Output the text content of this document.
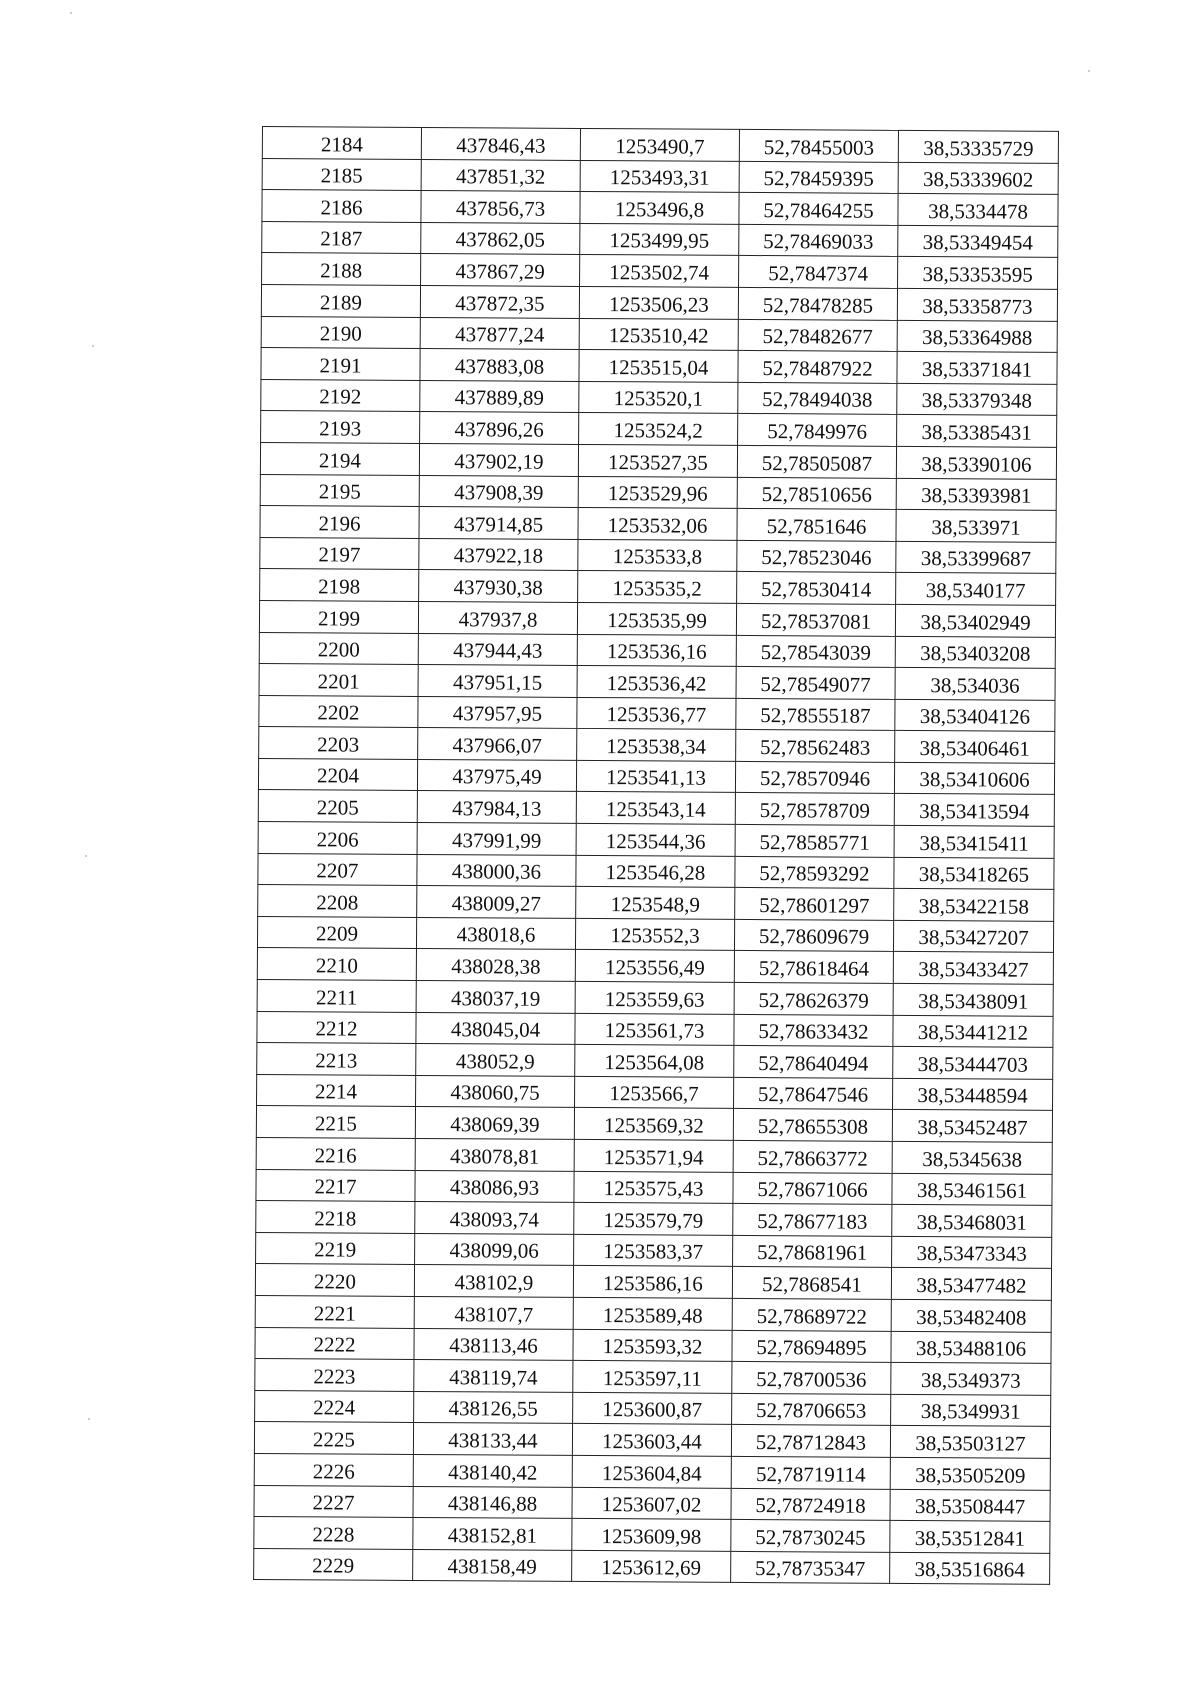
2184	437846,43	1253490,7	52,78455003	38,53335729
2185	437851,32	1253493,31	52,78459395	38,53339602
2186	437856,73	1253496,8	52,78464255	38,5334478
2187	437862,05	1253499,95	52,78469033	38,53349454
2188	437867,29	1253502,74	52,7847374	38,53353595
2189	437872,35	1253506,23	52,78478285	38,53358773
2190	437877,24	1253510,42	52,78482677	38,53364988
2191	437883,08	1253515,04	52,78487922	38,53371841
2192	437889,89	1253520,1	52,78494038	38,53379348
2193	437896,26	1253524,2	52,7849976	38,53385431
2194	437902,19	1253527,35	52,78505087	38,53390106
2195	437908,39	1253529,96	52,78510656	38,53393981
2196	437914,85	1253532,06	52,7851646	38,533971
2197	437922,18	1253533,8	52,78523046	38,53399687
2198	437930,38	1253535,2	52,78530414	38,5340177
2199	437937,8	1253535,99	52,78537081	38,53402949
2200	437944,43	1253536,16	52,78543039	38,53403208
2201	437951,15	1253536,42	52,78549077	38,534036
2202	437957,95	1253536,77	52,78555187	38,53404126
2203	437966,07	1253538,34	52,78562483	38,53406461
2204	437975,49	1253541,13	52,78570946	38,53410606
2205	437984,13	1253543,14	52,78578709	38,53413594
2206	437991,99	1253544,36	52,78585771	38,53415411
2207	438000,36	1253546,28	52,78593292	38,53418265
2208	438009,27	1253548,9	52,78601297	38,53422158
2209	438018,6	1253552,3	52,78609679	38,53427207
2210	438028,38	1253556,49	52,78618464	38,53433427
2211	438037,19	1253559,63	52,78626379	38,53438091
2212	438045,04	1253561,73	52,78633432	38,53441212
2213	438052,9	1253564,08	52,78640494	38,53444703
2214	438060,75	1253566,7	52,78647546	38,53448594
2215	438069,39	1253569,32	52,78655308	38,53452487
2216	438078,81	1253571,94	52,78663772	38,5345638
2217	438086,93	1253575,43	52,78671066	38,53461561
2218	438093,74	1253579,79	52,78677183	38,53468031
2219	438099,06	1253583,37	52,78681961	38,53473343
2220	438102,9	1253586,16	52,7868541	38,53477482
2221	438107,7	1253589,48	52,78689722	38,53482408
2222	438113,46	1253593,32	52,78694895	38,53488106
2223	438119,74	1253597,11	52,78700536	38,5349373
2224	438126,55	1253600,87	52,78706653	38,5349931
2225	438133,44	1253603,44	52,78712843	38,53503127
2226	438140,42	1253604,84	52,78719114	38,53505209
2227	438146,88	1253607,02	52,78724918	38,53508447
2228	438152,81	1253609,98	52,78730245	38,53512841
2229	438158,49	1253612,69	52,78735347	38,53516864
